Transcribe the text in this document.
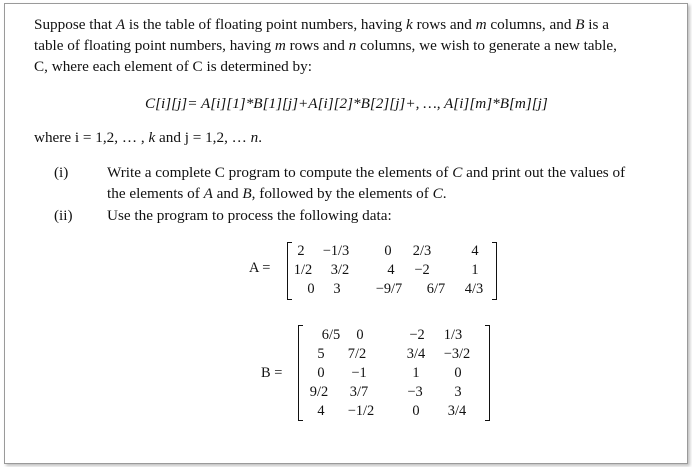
Suppose that A is the table of floating point numbers, having k rows and m columns, and B is a
table of floating point numbers, having m rows and n columns, we wish to generate a new table,
C, where each element of C is determined by:
C[i][j]= A[i][1]*B[1][j]+A[i][2]*B[2][j]+, …, A[i][m]*B[m][j]
where i = 1,2, … , k and j = 1,2, … n.
(i)	Write a complete C program to compute the elements of C and print out the values of
the elements of A and B, followed by the elements of C.
(ii) Use the program to process the following data:
A =
2	−1/3	0	2/3	4
1/2	3/2	4	−2	1
0	3	−9/7	6/7	4/3
B =
6/5	0	−2	1/3
5	7/2	3/4	−3/2
0	−1	1	0
9/2	3/7	−3	3
4	−1/2	0	3/4
